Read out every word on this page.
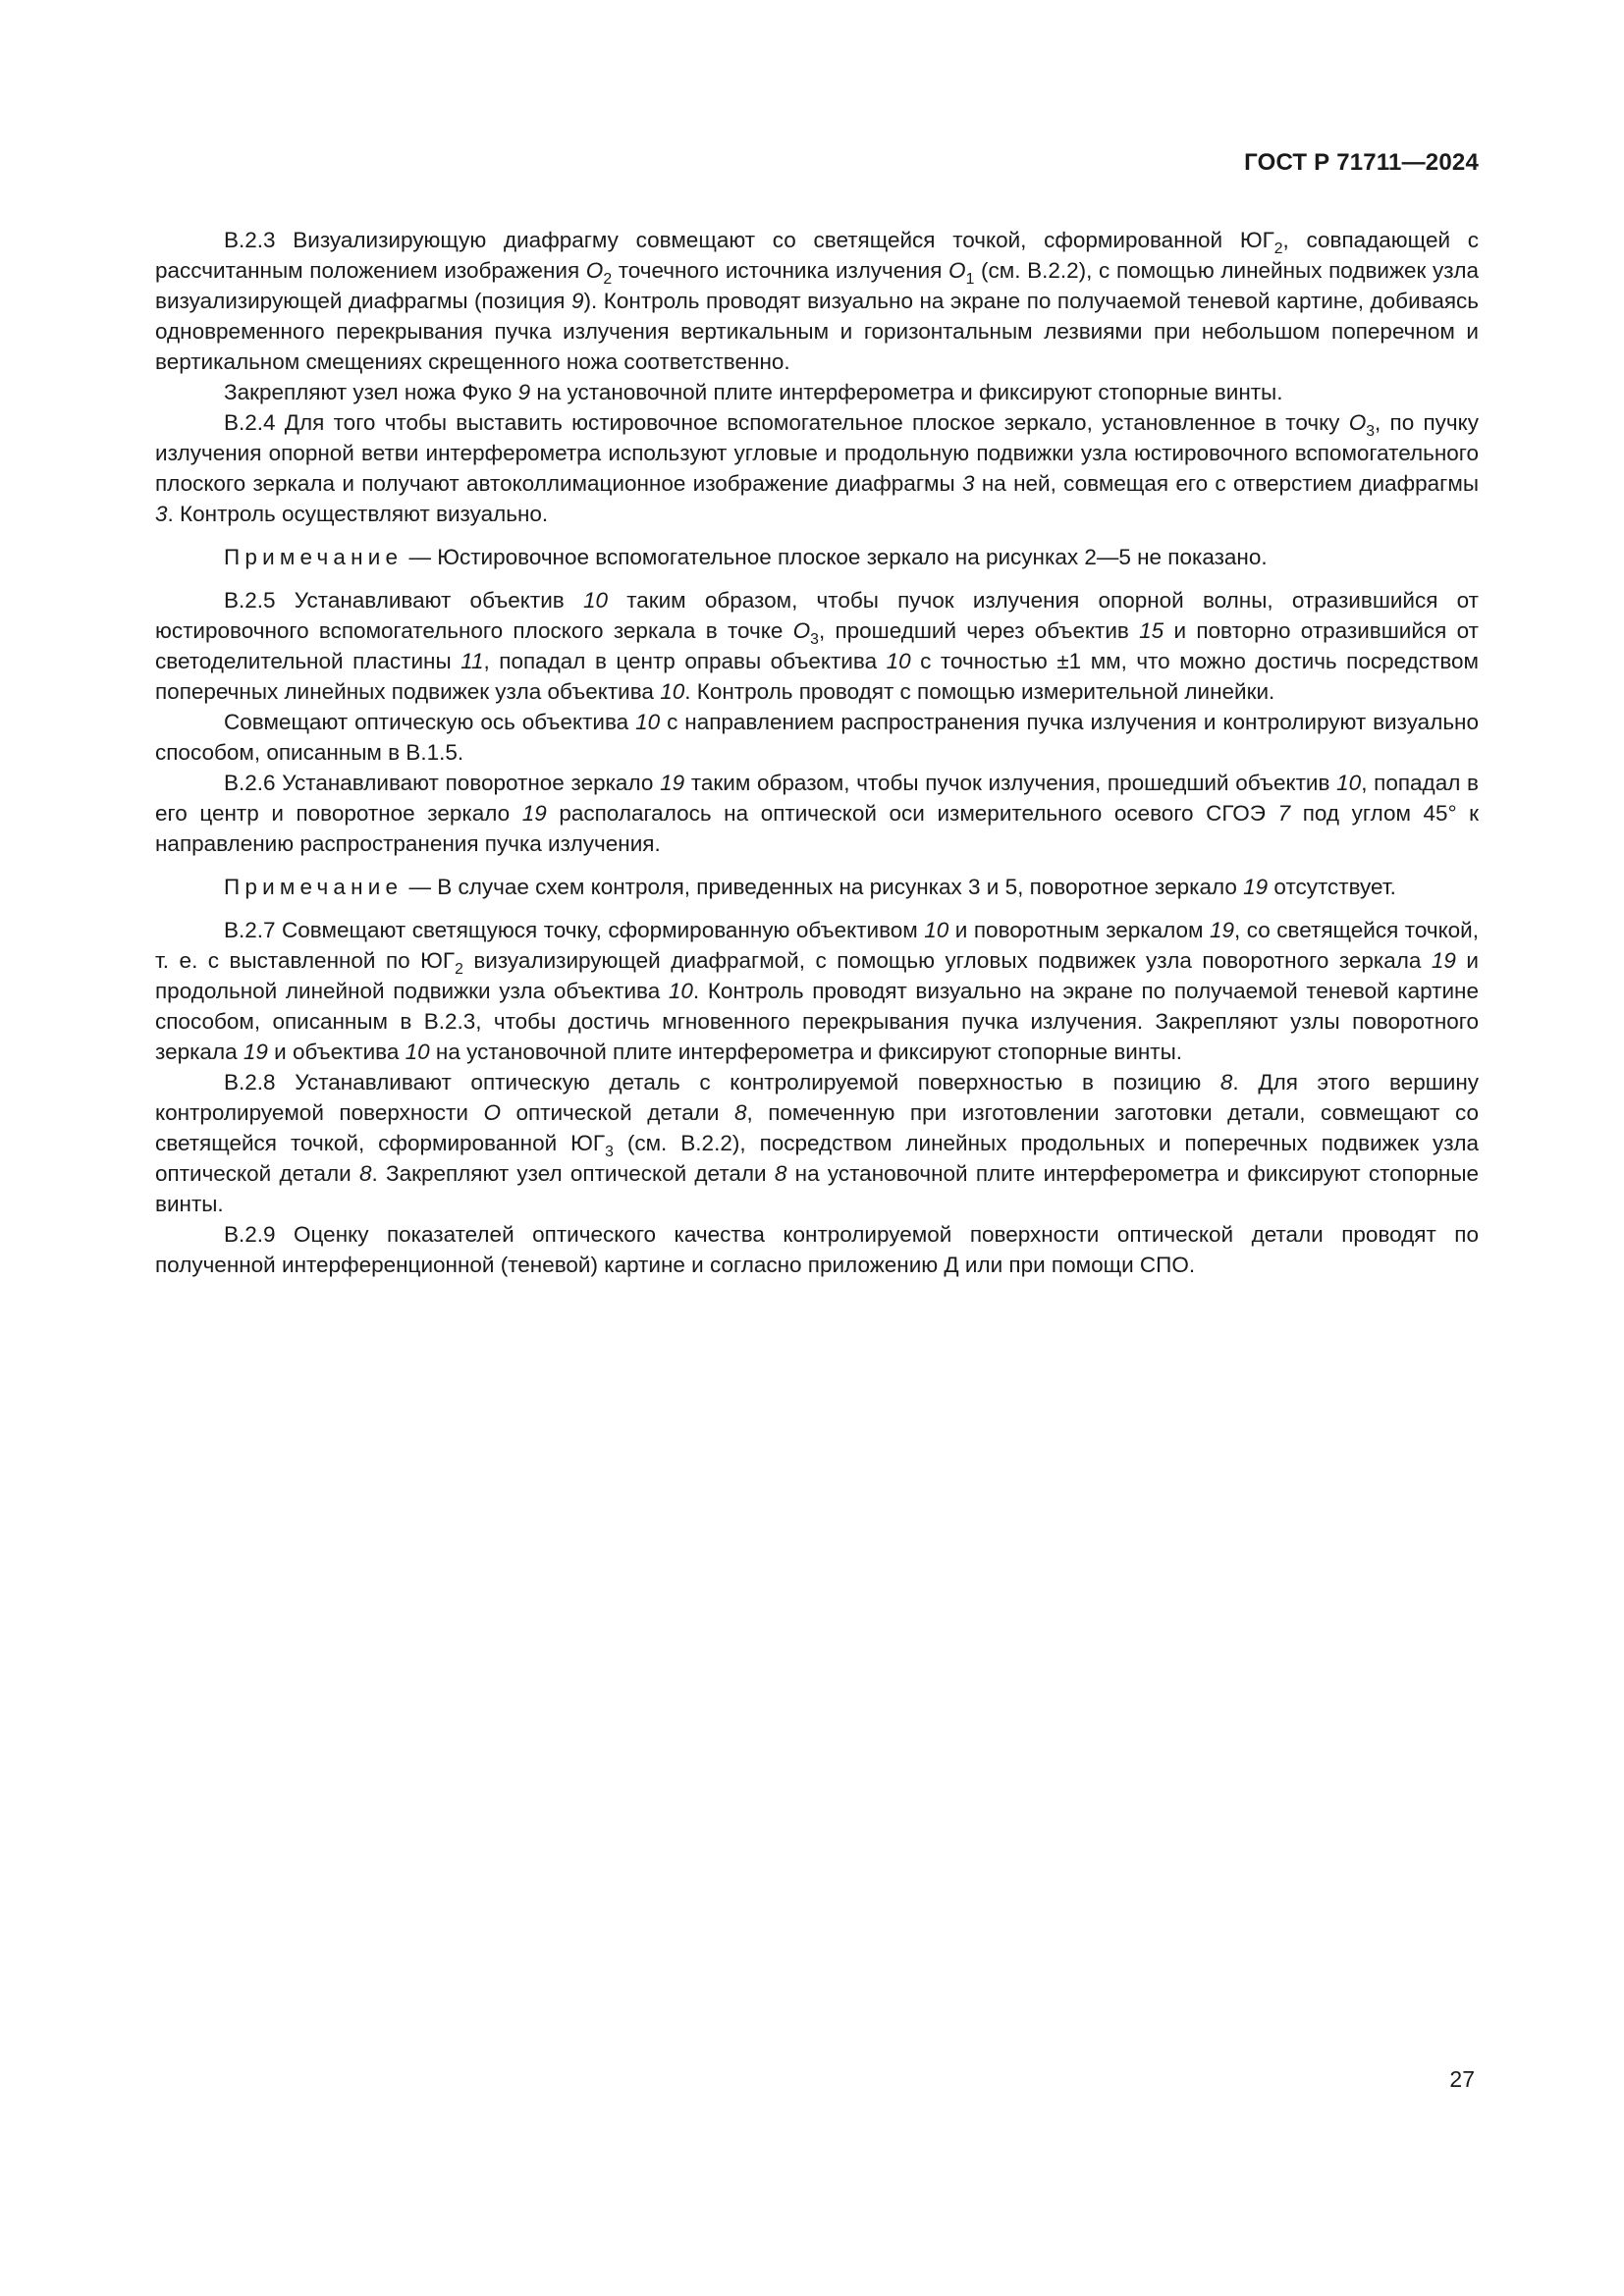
ГОСТ Р 71711—2024

В.2.3 Визуализирующую диафрагму совмещают со светящейся точкой, сформированной $ЮГ_2$, совпадающей с рассчитанным положением изображения $O_2$ точечного источника излучения $O_1$ (см. В.2.2), с помощью линейных подвижек узла визуализирующей диафрагмы (позиция 9). Контроль проводят визуально на экране по получаемой теневой картине, добиваясь одновременного перекрывания пучка излучения вертикальным и горизонтальным лезвиями при небольшом поперечном и вертикальном смещениях скрещенного ножа соответственно.

Закрепляют узел ножа Фуко 9 на установочной плите интерферометра и фиксируют стопорные винты.

В.2.4 Для того чтобы выставить юстировочное вспомогательное плоское зеркало, установленное в точку $O_3$, по пучку излучения опорной ветви интерферометра используют угловые и продольную подвижки узла юстировочного вспомогательного плоского зеркала и получают автоколлимационное изображение диафрагмы 3 на ней, совмещая его с отверстием диафрагмы 3. Контроль осуществляют визуально.

Примечание — Юстировочное вспомогательное плоское зеркало на рисунках 2—5 не показано.

В.2.5 Устанавливают объектив 10 таким образом, чтобы пучок излучения опорной волны, отразившийся от юстировочного вспомогательного плоского зеркала в точке $O_3$, прошедший через объектив 15 и повторно отразившийся от светоделительной пластины 11, попадал в центр оправы объектива 10 с точностью ±1 мм, что можно достичь посредством поперечных линейных подвижек узла объектива 10. Контроль проводят с помощью измерительной линейки.

Совмещают оптическую ось объектива 10 с направлением распространения пучка излучения и контролируют визуально способом, описанным в В.1.5.

В.2.6 Устанавливают поворотное зеркало 19 таким образом, чтобы пучок излучения, прошедший объектив 10, попадал в его центр и поворотное зеркало 19 располагалось на оптической оси измерительного осевого СГОЭ 7 под углом 45° к направлению распространения пучка излучения.

Примечание — В случае схем контроля, приведенных на рисунках 3 и 5, поворотное зеркало 19 отсутствует.

В.2.7 Совмещают светящуюся точку, сформированную объективом 10 и поворотным зеркалом 19, со светящейся точкой, т. е. с выставленной по $ЮГ_2$ визуализирующей диафрагмой, с помощью угловых подвижек узла поворотного зеркала 19 и продольной линейной подвижки узла объектива 10. Контроль проводят визуально на экране по получаемой теневой картине способом, описанным в В.2.3, чтобы достичь мгновенного перекрывания пучка излучения. Закрепляют узлы поворотного зеркала 19 и объектива 10 на установочной плите интерферометра и фиксируют стопорные винты.

В.2.8 Устанавливают оптическую деталь с контролируемой поверхностью в позицию 8. Для этого вершину контролируемой поверхности O оптической детали 8, помеченную при изготовлении заготовки детали, совмещают со светящейся точкой, сформированной $ЮГ_3$ (см. В.2.2), посредством линейных продольных и поперечных подвижек узла оптической детали 8. Закрепляют узел оптической детали 8 на установочной плите интерферометра и фиксируют стопорные винты.

В.2.9 Оценку показателей оптического качества контролируемой поверхности оптической детали проводят по полученной интерференционной (теневой) картине и согласно приложению Д или при помощи СПО.

27
